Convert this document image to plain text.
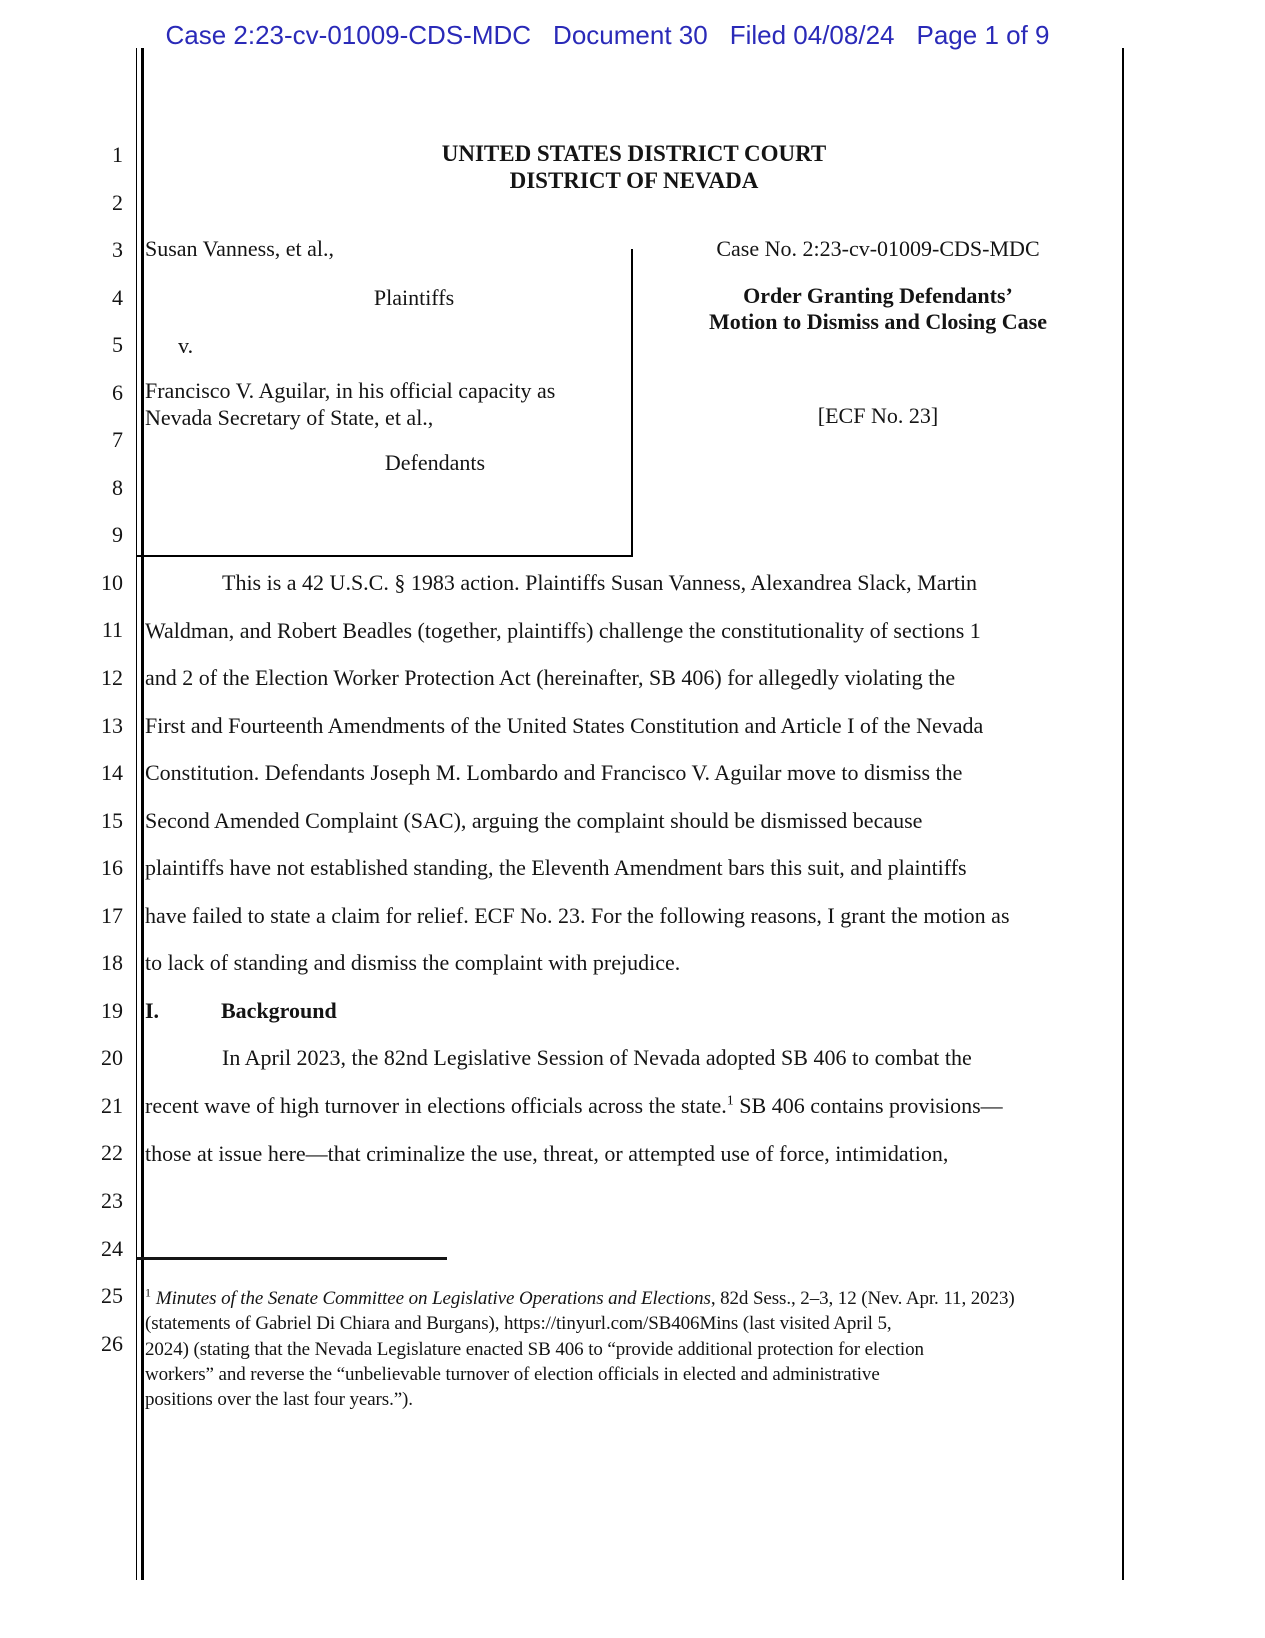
Case 2:23-cv-01009-CDS-MDC Document 30 Filed 04/08/24 Page 1 of 9
1
2
3
4
5
6
7
8
9
10
11
12
13
14
15
16
17
18
19
20
21
22
23
24
25
26
UNITED STATES DISTRICT COURT
DISTRICT OF NEVADA
Susan Vanness, et al.,
Plaintiffs
v.
Francisco V. Aguilar, in his official capacity as
Nevada Secretary of State, et al.,
Defendants
Case No. 2:23-cv-01009-CDS-MDC
Order Granting Defendants’
Motion to Dismiss and Closing Case
[ECF No. 23]
This is a 42 U.S.C. § 1983 action. Plaintiffs Susan Vanness, Alexandrea Slack, Martin
Waldman, and Robert Beadles (together, plaintiffs) challenge the constitutionality of sections 1
and 2 of the Election Worker Protection Act (hereinafter, SB 406) for allegedly violating the
First and Fourteenth Amendments of the United States Constitution and Article I of the Nevada
Constitution. Defendants Joseph M. Lombardo and Francisco V. Aguilar move to dismiss the
Second Amended Complaint (SAC), arguing the complaint should be dismissed because
plaintiffs have not established standing, the Eleventh Amendment bars this suit, and plaintiffs
have failed to state a claim for relief. ECF No. 23. For the following reasons, I grant the motion as
to lack of standing and dismiss the complaint with prejudice.
I.	Background
In April 2023, the 82nd Legislative Session of Nevada adopted SB 406 to combat the
recent wave of high turnover in elections officials across the state.$^1$ SB 406 contains provisions—
those at issue here—that criminalize the use, threat, or attempted use of force, intimidation,
$^1$ Minutes of the Senate Committee on Legislative Operations and Elections, 82d Sess., 2–3, 12 (Nev. Apr. 11, 2023)
(statements of Gabriel Di Chiara and Burgans), https://tinyurl.com/SB406Mins (last visited April 5,
2024) (stating that the Nevada Legislature enacted SB 406 to “provide additional protection for election
workers” and reverse the “unbelievable turnover of election officials in elected and administrative
positions over the last four years.”).
